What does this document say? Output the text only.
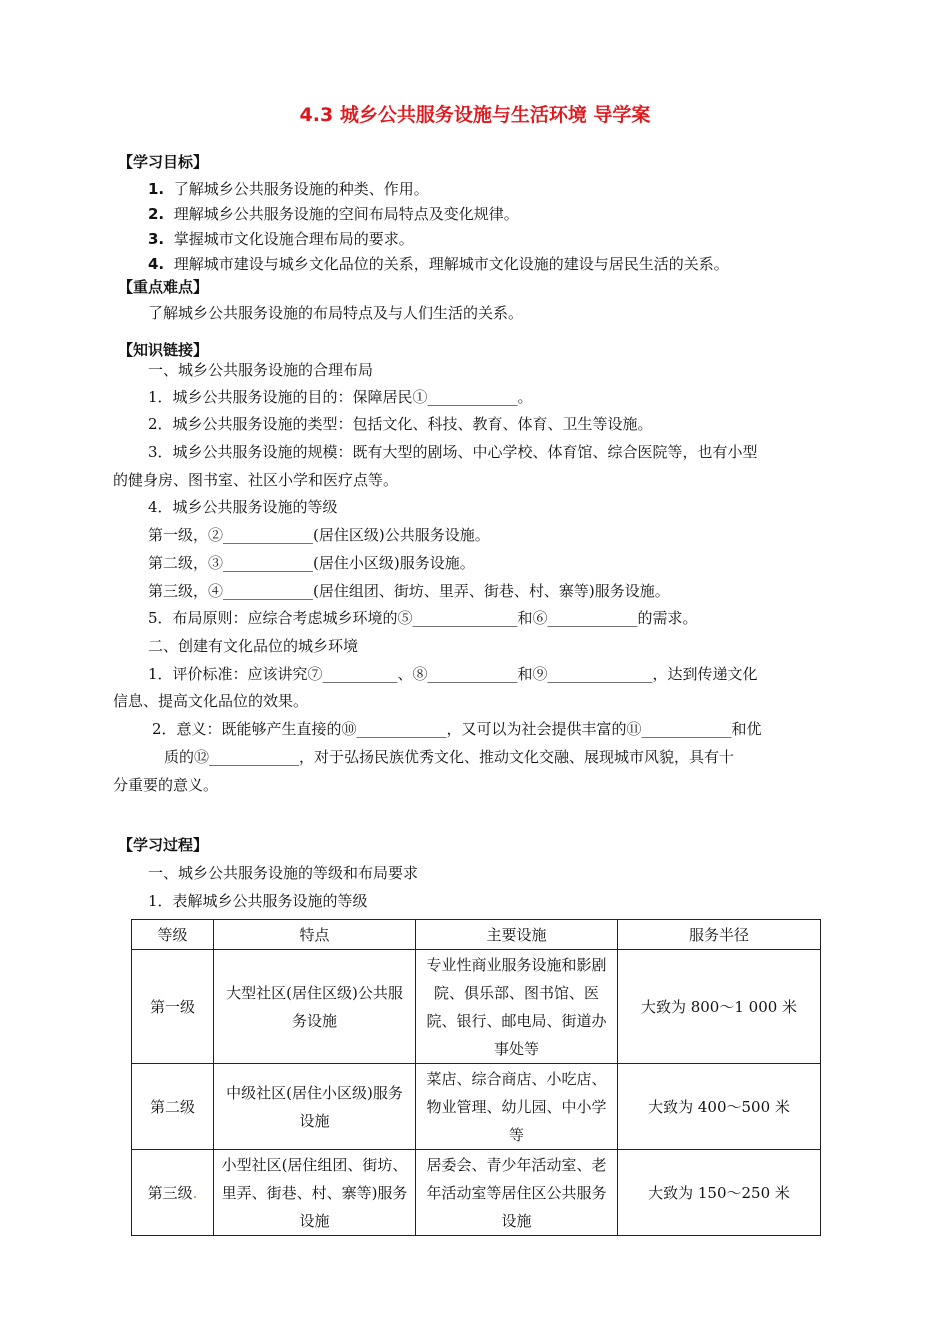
4.3 城乡公共服务设施与生活环境 导学案
【学习目标】
1. 了解城乡公共服务设施的种类、作用。
2. 理解城乡公共服务设施的空间布局特点及变化规律。
3. 掌握城市文化设施合理布局的要求。
4. 理解城市建设与城乡文化品位的关系，理解城市文化设施的建设与居民生活的关系。
【重点难点】
了解城乡公共服务设施的布局特点及与人们生活的关系。
【知识链接】
一、城乡公共服务设施的合理布局
1．城乡公共服务设施的目的：保障居民①____________。
2．城乡公共服务设施的类型：包括文化、科技、教育、体育、卫生等设施。
3．城乡公共服务设施的规模：既有大型的剧场、中心学校、体育馆、综合医院等，也有小型
的健身房、图书室、社区小学和医疗点等。
4．城乡公共服务设施的等级
第一级，②____________(居住区级)公共服务设施。
第二级，③____________(居住小区级)服务设施。
第三级，④____________(居住组团、街坊、里弄、街巷、村、寨等)服务设施。
5．布局原则：应综合考虑城乡环境的⑤______________和⑥____________的需求。
二、创建有文化品位的城乡环境
1．评价标准：应该讲究⑦__________、⑧____________和⑨______________，达到传递文化
信息、提高文化品位的效果。
2．意义：既能够产生直接的⑩____________，又可以为社会提供丰富的⑪____________和优
质的⑫____________，对于弘扬民族优秀文化、推动文化交融、展现城市风貌，具有十
分重要的意义。
【学习过程】
一、城乡公共服务设施的等级和布局要求
1．表解城乡公共服务设施的等级
等级	特点	主要设施	服务半径
第一级	大型社区(居住区级)公共服务设施	专业性商业服务设施和影剧院、俱乐部、图书馆、医院、银行、邮电局、街道办事处等	大致为 800～1 000 米
第二级	中级社区(居住小区级)服务设施	菜店、综合商店、小吃店、物业管理、幼儿园、中小学等	大致为 400～500 米
第三级.	小型社区(居住组团、街坊、里弄、街巷、村、寨等)服务设施	居委会、青少年活动室、老年活动室等居住区公共服务设施	大致为 150～250 米
